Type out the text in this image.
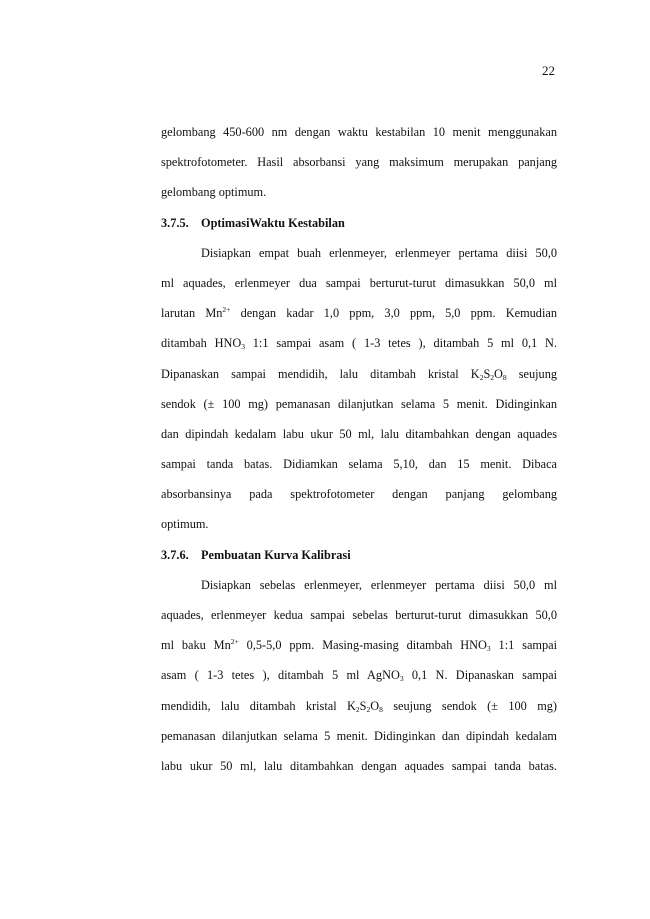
22
gelombang 450-600 nm dengan waktu kestabilan 10 menit menggunakan
spektrofotometer. Hasil absorbansi yang maksimum merupakan panjang
gelombang optimum.
3.7.5. OptimasiWaktu Kestabilan
Disiapkan empat buah erlenmeyer, erlenmeyer pertama diisi 50,0
ml aquades, erlenmeyer dua sampai berturut-turut dimasukkan 50,0 ml
larutan $Mn^{2+}$ dengan kadar 1,0 ppm, 3,0 ppm, 5,0 ppm. Kemudian
ditambah $HNO_3$ 1:1 sampai asam ( 1-3 tetes ), ditambah 5 ml 0,1 N.
Dipanaskan sampai mendidih, lalu ditambah kristal $K_2S_2O_8$ seujung
sendok (± 100 mg) pemanasan dilanjutkan selama 5 menit. Didinginkan
dan dipindah kedalam labu ukur 50 ml, lalu ditambahkan dengan aquades
sampai tanda batas. Didiamkan selama 5,10, dan 15 menit. Dibaca
absorbansinya pada spektrofotometer dengan panjang gelombang
optimum.
3.7.6. Pembuatan Kurva Kalibrasi
Disiapkan sebelas erlenmeyer, erlenmeyer pertama diisi 50,0 ml
aquades, erlenmeyer kedua sampai sebelas berturut-turut dimasukkan 50,0
ml baku $Mn^{2+}$ 0,5-5,0 ppm. Masing-masing ditambah $HNO_3$ 1:1 sampai
asam ( 1-3 tetes ), ditambah 5 ml AgNO$_3$ 0,1 N. Dipanaskan sampai
mendidih, lalu ditambah kristal $K_2S_2O_8$ seujung sendok (± 100 mg)
pemanasan dilanjutkan selama 5 menit. Didinginkan dan dipindah kedalam
labu ukur 50 ml, lalu ditambahkan dengan aquades sampai tanda batas.
